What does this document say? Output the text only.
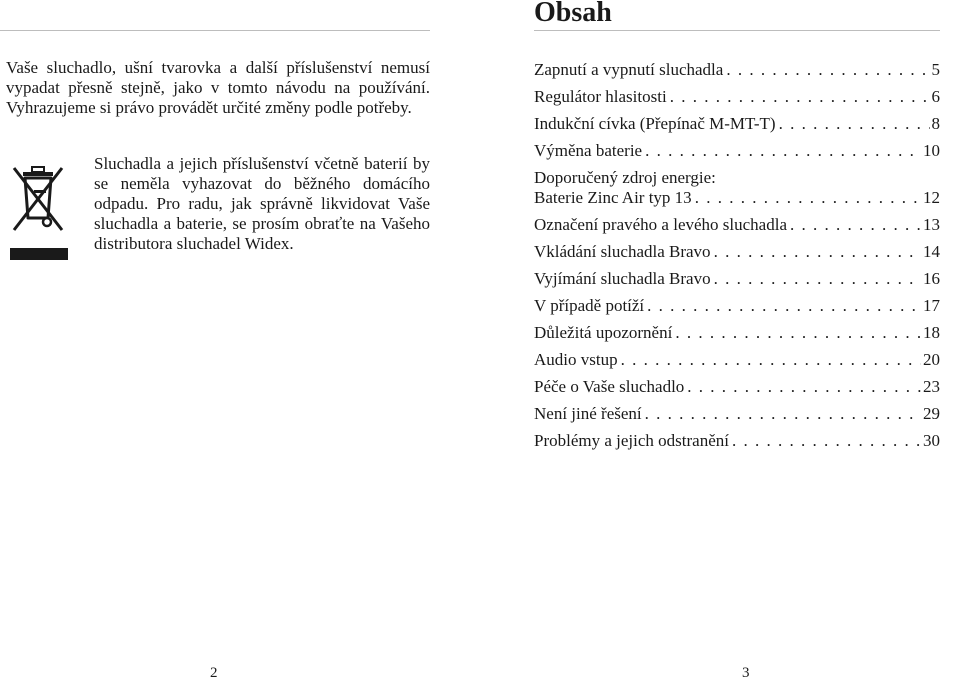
Vaše sluchadlo, ušní tvarovka a další příslušenství nemusí vypadat přesně stejně, jako v tomto návodu na používání. Vyhrazujeme si právo provádět určité změny podle potřeby.

Sluchadla a jejich příslušenství včetně baterií by se neměla vyhazovat do běžného domácího odpadu. Pro radu, jak správně likvidovat Vaše sluchadla a baterie, se prosím obraťte na Vašeho distributora sluchadel Widex.

2
Obsah
Zapnutí a vypnutí sluchadla . . .	5
Regulátor hlasitosti . . .	6
Indukční cívka (Přepínač M-MT-T) . . .	8
Výměna baterie . . .	10
Doporučený zdroj energie:
Baterie Zinc Air typ 13 . . .	12
Označení pravého a levého sluchadla . . .	13
Vkládání sluchadla Bravo . . .	14
Vyjímání sluchadla Bravo . . .	16
V případě potíží . . .	17
Důležitá upozornění . . .	18
Audio vstup . . .	20
Péče o Vaše sluchadlo . . .	23
Není jiné řešení . . .	29
Problémy a jejich odstranění . . .	30
3
